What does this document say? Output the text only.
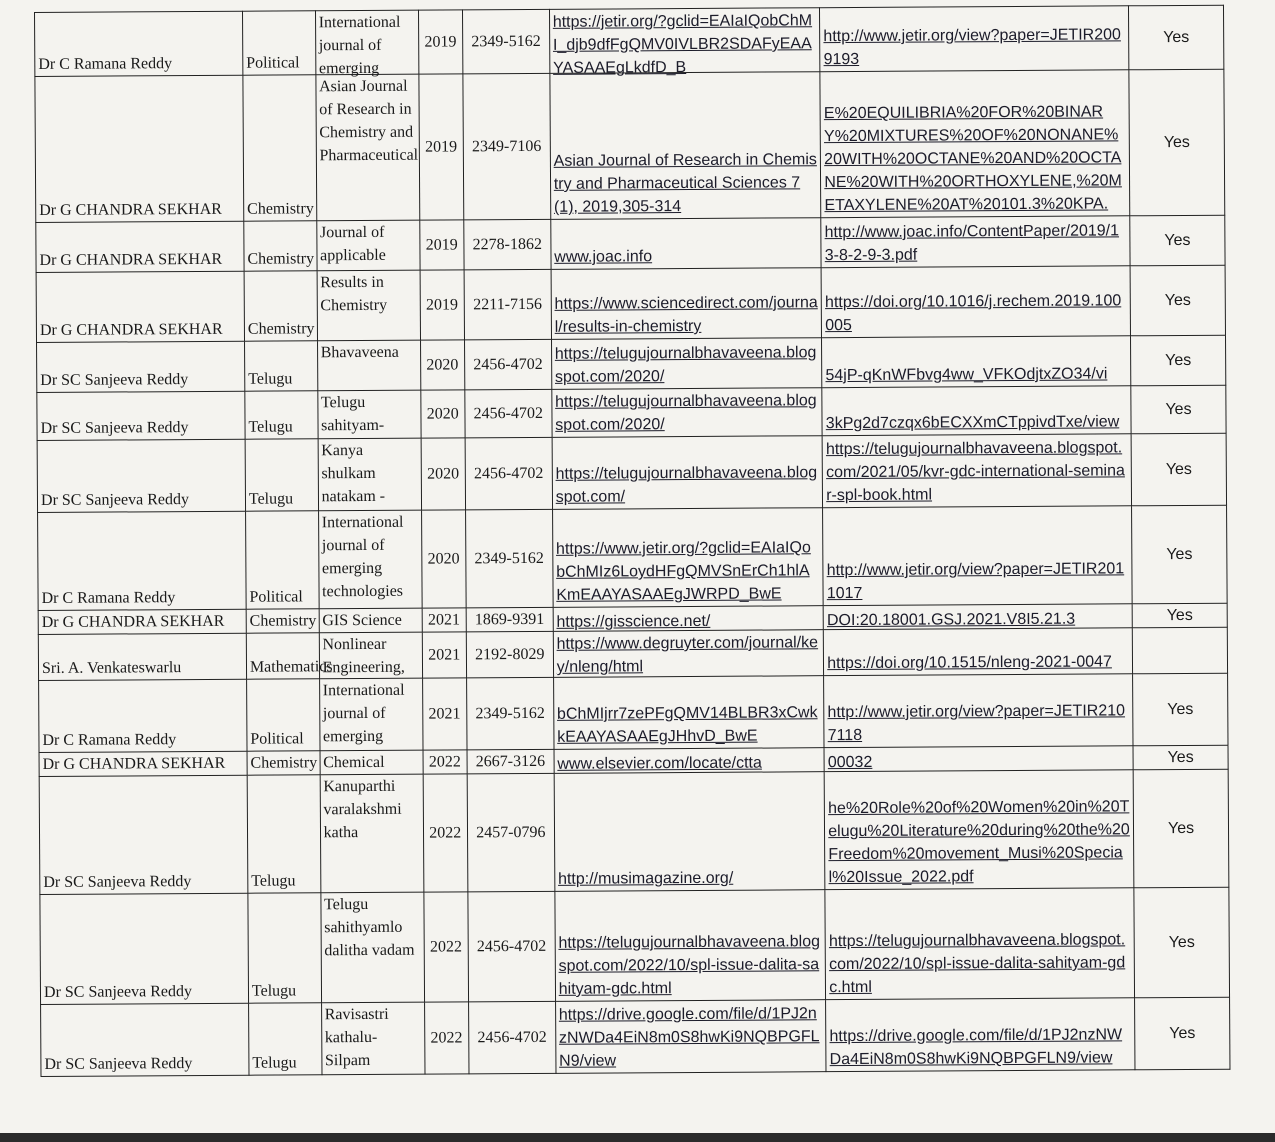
Dr C Ramana Reddy	Political	International journal of emerging	2019	2349-5162	https://jetir.org/?gclid=EAIaIQobChMI_djb9dfFgQMV0IVLBR2SDAFyEAAYASAAEgLkdfD_B	http://www.jetir.org/view?paper=JETIR2009193	Yes
Dr G CHANDRA SEKHAR	Chemistry	Asian Journal of Research in Chemistry and Pharmaceutical	2019	2349-7106	Asian Journal of Research in Chemistry and Pharmaceutical Sciences 7(1), 2019,305-314	E%20EQUILIBRIA%20FOR%20BINARY%20MIXTURES%20OF%20NONANE%20WITH%20OCTANE%20AND%20OCTANE%20WITH%20ORTHOXYLENE,%20METAXYLENE%20AT%20101.3%20KPA.	Yes
Dr G CHANDRA SEKHAR	Chemistry	Journal of applicable	2019	2278-1862	www.joac.info	http://www.joac.info/ContentPaper/2019/13-8-2-9-3.pdf	Yes
Dr G CHANDRA SEKHAR	Chemistry	Results in Chemistry	2019	2211-7156	https://www.sciencedirect.com/journal/results-in-chemistry	https://doi.org/10.1016/j.rechem.2019.100005	Yes
Dr SC Sanjeeva Reddy	Telugu	Bhavaveena	2020	2456-4702	https://telugujournalbhavaveena.blogspot.com/2020/	54jP-qKnWFbvg4ww_VFKOdjtxZO34/vi	Yes
Dr SC Sanjeeva Reddy	Telugu	Telugu sahityam-	2020	2456-4702	https://telugujournalbhavaveena.blogspot.com/2020/	3kPg2d7czqx6bECXXmCTppivdTxe/view	Yes
Dr SC Sanjeeva Reddy	Telugu	Kanya shulkam natakam -	2020	2456-4702	https://telugujournalbhavaveena.blogspot.com/	https://telugujournalbhavaveena.blogspot.com/2021/05/kvr-gdc-international-seminar-spl-book.html	Yes
Dr C Ramana Reddy	Political	International journal of emerging technologies	2020	2349-5162	https://www.jetir.org/?gclid=EAIaIQobChMIz6LoydHFgQMVSnErCh1hlAKmEAAYASAAEgJWRPD_BwE	http://www.jetir.org/view?paper=JETIR2011017	Yes
Dr G CHANDRA SEKHAR	Chemistry	GIS Science	2021	1869-9391	https://gisscience.net/	DOI:20.18001.GSJ.2021.V8I5.21.3	Yes
Sri. A. Venkateswarlu	Mathematics	Nonlinear Engineering,	2021	2192-8029	https://www.degruyter.com/journal/key/nleng/html	https://doi.org/10.1515/nleng-2021-0047	

Dr C Ramana Reddy	Political	International journal of emerging	2021	2349-5162	bChMIjrr7zePFgQMV14BLBR3xCwkkEAAYASAAEgJHhvD_BwE	http://www.jetir.org/view?paper=JETIR2107118	Yes
Dr G CHANDRA SEKHAR	Chemistry	Chemical	2022	2667-3126	www.elsevier.com/locate/ctta	00032	Yes
Dr SC Sanjeeva Reddy	Telugu	Kanuparthi varalakshmi katha	2022	2457-0796	http://musimagazine.org/	he%20Role%20of%20Women%20in%20Telugu%20Literature%20during%20the%20Freedom%20movement_Musi%20Special%20Issue_2022.pdf	Yes
Dr SC Sanjeeva Reddy	Telugu	Telugu sahithyamlo dalitha vadam	2022	2456-4702	https://telugujournalbhavaveena.blogspot.com/2022/10/spl-issue-dalita-sahityam-gdc.html	https://telugujournalbhavaveena.blogspot.com/2022/10/spl-issue-dalita-sahityam-gdc.html	Yes
Dr SC Sanjeeva Reddy	Telugu	Ravisastri kathalu-Silpam	2022	2456-4702	https://drive.google.com/file/d/1PJ2nzNWDa4EiN8m0S8hwKi9NQBPGFLN9/view	https://drive.google.com/file/d/1PJ2nzNWDa4EiN8m0S8hwKi9NQBPGFLN9/view	Yes
